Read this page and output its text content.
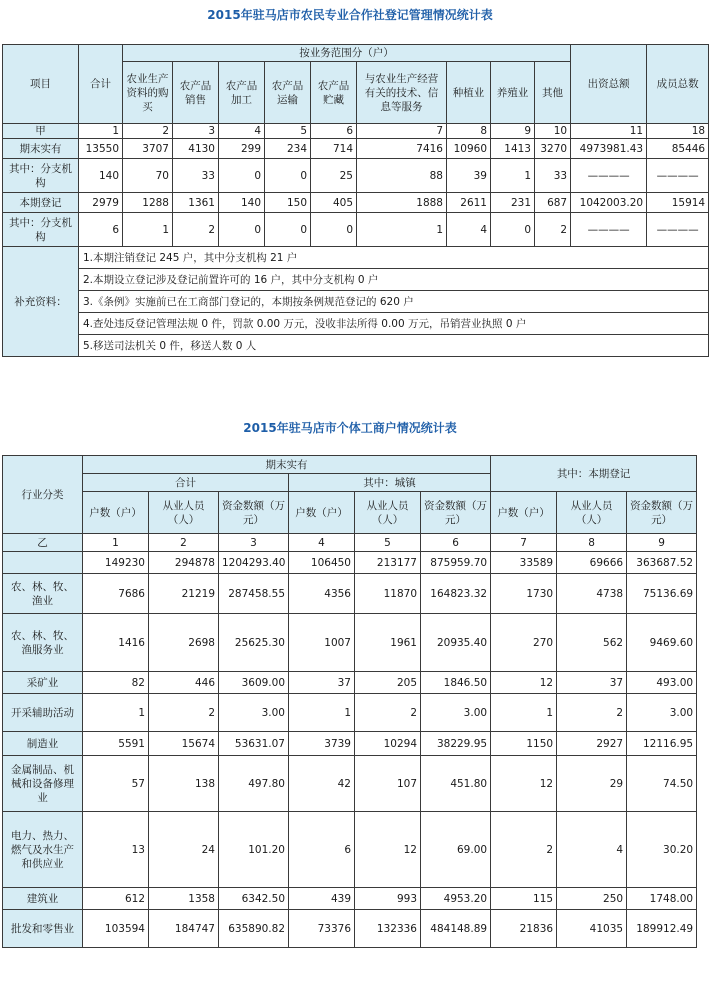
2015年驻马店市农民专业合作社登记管理情况统计表
项目	合计	按业务范围分（户）									出资总额	成员总数
		农业生产资料的购买	农产品销售	农产品加工	农产品运输	农产品贮藏	与农业生产经营有关的技术、信息等服务	种植业	养殖业	其他		
甲	1	2	3	4	5	6	7	8	9	10	11	18
期末实有	13550	3707	4130	299	234	714	7416	10960	1413	3270	4973981.43	85446
其中：分支机构	140	70	33	0	0	25	88	39	1	33	————	————
本期登记	2979	1288	1361	140	150	405	1888	2611	231	687	1042003.20	15914
其中：分支机构	6	1	2	0	0	0	1	4	0	2	————	————
补充资料：	1.本期注销登记 245 户，其中分支机构 21 户											
	2.本期设立登记涉及登记前置许可的 16 户，其中分支机构 0 户											
	3.《条例》实施前已在工商部门登记的，本期按条例规范登记的 620 户											
	4.查处违反登记管理法规 0 件，罚款 0.00 万元，没收非法所得 0.00 万元，吊销营业执照 0 户											
	5.移送司法机关 0 件，移送人数 0 人											
2015年驻马店市个体工商户情况统计表
行业分类	期末实有						其中：本期登记		
	合计			其中：城镇					
	户数（户）	从业人员（人）	资金数额（万元）	户数（户）	从业人员（人）	资金数额（万元）	户数（户）	从业人员（人）	资金数额（万元）
乙	1	2	3	4	5	6	7	8	9
	149230	294878	1204293.40	106450	213177	875959.70	33589	69666	363687.52
农、林、牧、渔业	7686	21219	287458.55	4356	11870	164823.32	1730	4738	75136.69
农、林、牧、渔服务业	1416	2698	25625.30	1007	1961	20935.40	270	562	9469.60
采矿业	82	446	3609.00	37	205	1846.50	12	37	493.00
开采辅助活动	1	2	3.00	1	2	3.00	1	2	3.00
制造业	5591	15674	53631.07	3739	10294	38229.95	1150	2927	12116.95
金属制品、机械和设备修理业	57	138	497.80	42	107	451.80	12	29	74.50
电力、热力、燃气及水生产和供应业	13	24	101.20	6	12	69.00	2	4	30.20
建筑业	612	1358	6342.50	439	993	4953.20	115	250	1748.00
批发和零售业	103594	184747	635890.82	73376	132336	484148.89	21836	41035	189912.49
